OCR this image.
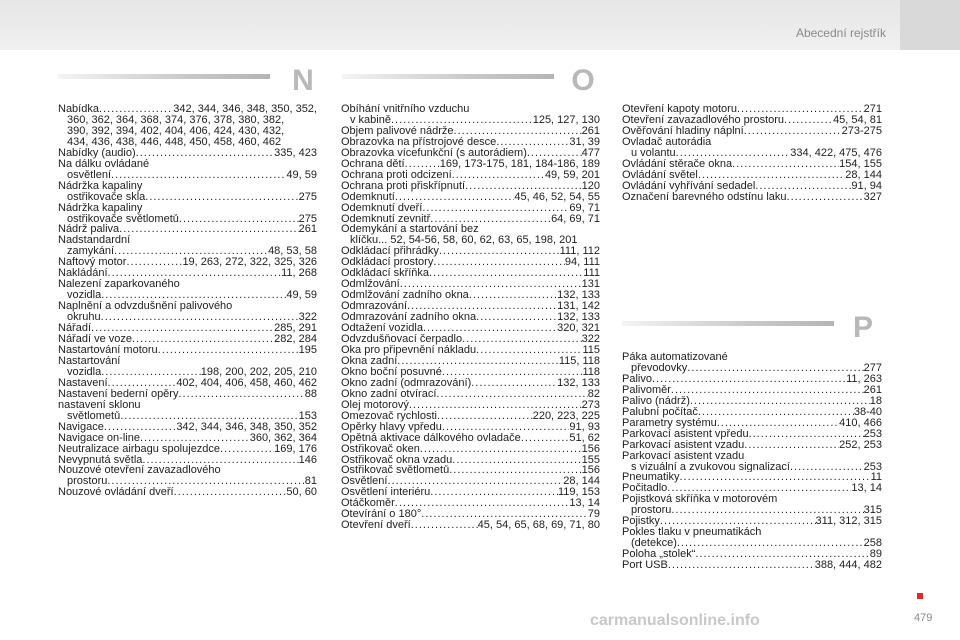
Abecední rejstřík
N	O
P
Nabídka .....	342, 344, 346, 348, 350, 352,
360, 362, 364, 368, 374, 376, 378, 380, 382,
390, 392, 394, 402, 404, 406, 424, 430, 432,
434, 436, 438, 446, 448, 450, 458, 460, 462
Nabídky (audio) .....	335, 423
Na dálku ovládané
osvětlení .....	49, 59
Nádržka kapaliny
ostřikovače skla .....	275
Nádržka kapaliny
ostřikovače světlometů .....	275
Nádrž paliva .....	261
Nadstandardní
zamykání .....	48, 53, 58
Naftový motor .....	19, 263, 272, 322, 325, 326
Nakládání .....	11, 268
Nalezení zaparkovaného
vozidla .....	49, 59
Naplnění a odvzdušnění palivového
okruhu .....	322
Nářadí .....	285, 291
Nářadí ve voze .....	282, 284
Nastartování motoru .....	195
Nastartování
vozidla .....	198, 200, 202, 205, 210
Nastavení .....	402, 404, 406, 458, 460, 462
Nastavení bederní opěry .....	88
nastavení sklonu
světlometů .....	153
Navigace .....	342, 344, 346, 348, 350, 352
Navigace on-line .....	360, 362, 364
Neutralizace airbagu spolujezdce .....	169, 176
Nevypnutá světla .....	146
Nouzové otevření zavazadlového
prostoru .....	81
Nouzové ovládání dveří .....	50, 60
Obíhání vnitřního vzduchu
v kabině .....	125, 127, 130
Objem palivové nádrže .....	261
Obrazovka na přístrojové desce .....	31, 39
Obrazovka vícefunkční (s autorádiem) .....	477
Ochrana dětí .....	169, 173-175, 181, 184-186, 189
Ochrana proti odcizení .....	49, 59, 201
Ochrana proti přiskřípnutí .....	120
Odemknutí .....	45, 46, 52, 54, 55
Odemknutí dveří .....	69, 71
Odemknutí zevnitř .....	64, 69, 71
Odemykání a startování bez
klíčku... 52, 54-56, 58, 60, 62, 63, 65, 198, 201
Odkládací přihrádky .....	111, 112
Odkládací prostory .....	94, 111
Odkládací skříňka .....	111
Odmlžování .....	131
Odmlžování zadního okna .....	132, 133
Odmrazování .....	131, 142
Odmrazování zadního okna .....	132, 133
Odtažení vozidla .....	320, 321
Odvzdušňovací čerpadlo .....	322
Oka pro připevnění nákladu .....	115
Okna zadní .....	115, 118
Okno boční posuvné .....	118
Okno zadní (odmrazování) .....	132, 133
Okno zadní otvírací .....	82
Olej motorový .....	273
Omezovač rychlosti .....	220, 223, 225
Opěrky hlavy vpředu .....	91, 93
Opětná aktivace dálkového ovladače .....	51, 62
Ostřikovač oken .....	156
Ostřikovač okna vzadu .....	155
Ostřikovač světlometů .....	156
Osvětlení .....	28, 144
Osvětlení interiéru .....	119, 153
Otáčkoměr .....	13, 14
Otevírání o 180° .....	79
Otevření dveří .....	45, 54, 65, 68, 69, 71, 80
Otevření kapoty motoru .....	271
Otevření zavazadlového prostoru .....	45, 54, 81
Ověřování hladiny náplní .....	273-275
Ovladač autorádia
u volantu .....	334, 422, 475, 476
Ovládání stěrače okna .....	154, 155
Ovládání světel .....	28, 144
Ovládání vyhřívání sedadel .....	91, 94
Označení barevného odstínu laku .....	327
Páka automatizované
převodovky .....	277
Palivo .....	11, 263
Palivoměr .....	261
Palivo (nádrž) .....	18
Palubní počítač .....	38-40
Parametry systému .....	410, 466
Parkovací asistent vpředu .....	253
Parkovací asistent vzadu .....	252, 253
Parkovací asistent vzadu
s vizuální a zvukovou signalizací .....	253
Pneumatiky .....	11
Počitadlo .....	13, 14
Pojistková skříňka v motorovém
prostoru .....	315
Pojistky .....	311, 312, 315
Pokles tlaku v pneumatikách
(detekce) .....	258
Poloha „stolek“ .....	89
Port USB .....	388, 444, 482
479
carmanualsonline.info
